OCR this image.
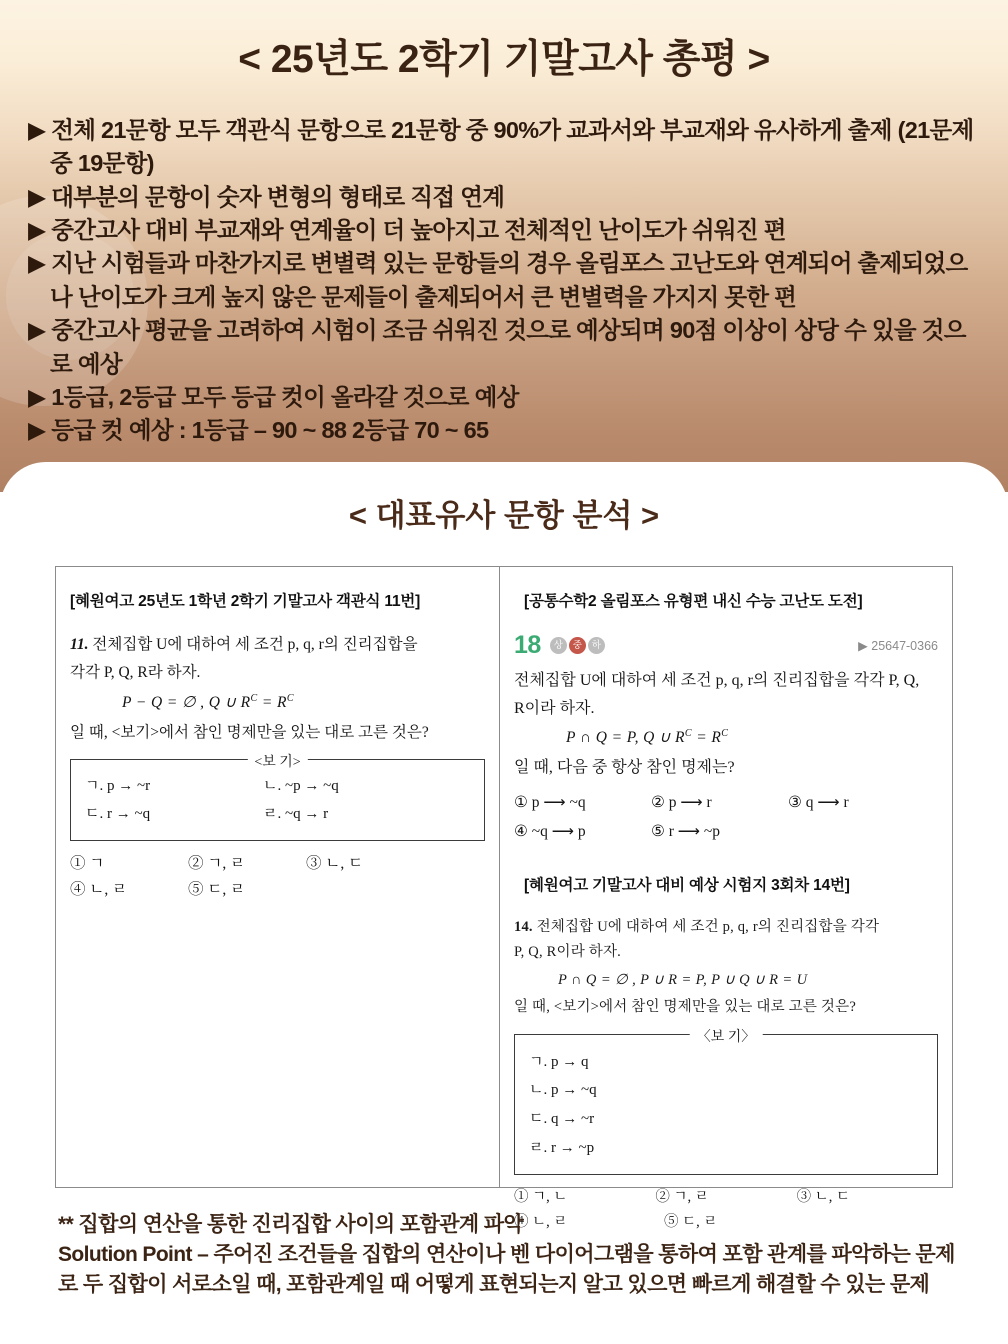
< 25년도 2학기 기말고사 총평 >
▶ 전체 21문항 모두 객관식 문항으로 21문항 중 90%가 교과서와 부교재와 유사하게 출제 (21문제 중 19문항)
▶ 대부분의 문항이 숫자 변형의 형태로 직접 연계
▶ 중간고사 대비 부교재와 연계율이 더 높아지고 전체적인 난이도가 쉬워진 편
▶ 지난 시험들과 마찬가지로 변별력 있는 문항들의 경우 올림포스 고난도와 연계되어 출제되었으나 난이도가 크게 높지 않은 문제들이 출제되어서 큰 변별력을 가지지 못한 편
▶ 중간고사 평균을 고려하여 시험이 조금 쉬워진 것으로 예상되며 90점 이상이 상당 수 있을 것으로 예상
▶ 1등급, 2등급 모두 등급 컷이 올라갈 것으로 예상
▶ 등급 컷 예상 : 1등급 – 90 ~ 88 2등급 70 ~ 65
< 대표유사 문항 분석 >
[혜원여고 25년도 1학년 2학기 기말고사 객관식 11번]
11. 전체집합 U에 대하여 세 조건 p, q, r의 진리집합을
각각 P, Q, R라 하자.
P − Q = ∅ , Q ∪ $R^C = R^C$
일 때, <보기>에서 참인 명제만을 있는 대로 고른 것은?
<보 기>
ㄱ. p → ~r	ㄴ. ~p → ~q
ㄷ. r → ~q	ㄹ. ~q → r
① ㄱ	② ㄱ, ㄹ	③ ㄴ, ㄷ
④ ㄴ, ㄹ	⑤ ㄷ, ㄹ
[공통수학2 올림포스 유형편 내신 수능 고난도 도전]
18	상	중	하	▶ 25647-0366
전체집합 U에 대하여 세 조건 p, q, r의 진리집합을 각각 P, Q,
R이라 하자.
P ∩ Q = P, Q ∪ $R^C = R^C$
일 때, 다음 중 항상 참인 명제는?
① p ⟶ ~q	② p ⟶ r	③ q ⟶ r
④ ~q ⟶ p	⑤ r ⟶ ~p
[혜원여고 기말고사 대비 예상 시험지 3회차 14번]
14. 전체집합 U에 대하여 세 조건 p, q, r의 진리집합을 각각
P, Q, R이라 하자.
P ∩ Q = ∅ , P ∪ R = P, P ∪ Q ∪ R = U
일 때, <보기>에서 참인 명제만을 있는 대로 고른 것은?
〈보 기〉
ㄱ. p → q
ㄴ. p → ~q
ㄷ. q → ~r
ㄹ. r → ~p
① ㄱ, ㄴ	② ㄱ, ㄹ	③ ㄴ, ㄷ
④ ㄴ, ㄹ	⑤ ㄷ, ㄹ
** 집합의 연산을 통한 진리집합 사이의 포함관계 파악
Solution Point – 주어진 조건들을 집합의 연산이나 벤 다이어그램을 통하여 포함 관계를 파악하는 문제로 두 집합이 서로소일 때, 포함관계일 때 어떻게 표현되는지 알고 있으면 빠르게 해결할 수 있는 문제
